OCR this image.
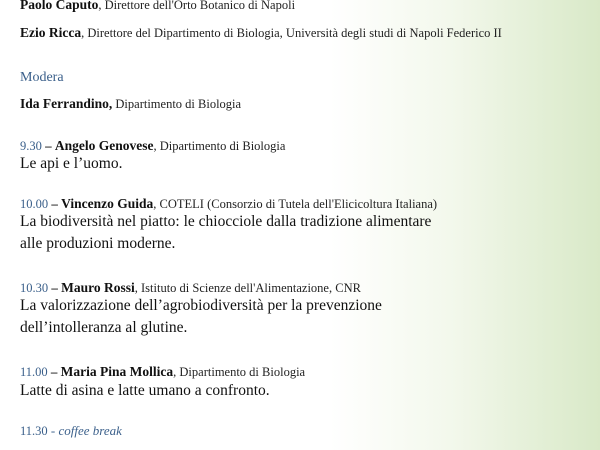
Paolo Caputo, Direttore dell'Orto Botanico di Napoli
Ezio Ricca, Direttore del Dipartimento di Biologia, Università degli studi di Napoli Federico II
Modera
Ida Ferrandino, Dipartimento di Biologia
9.30 – Angelo Genovese, Dipartimento di Biologia
Le api e l’uomo.
10.00 – Vincenzo Guida, COTELI (Consorzio di Tutela dell'Elicicoltura Italiana)
La biodiversità nel piatto: le chiocciole dalla tradizione alimentare
alle produzioni moderne.
10.30 – Mauro Rossi, Istituto di Scienze dell'Alimentazione, CNR
La valorizzazione dell’agrobiodiversità per la prevenzione
dell’intolleranza al glutine.
11.00 – Maria Pina Mollica, Dipartimento di Biologia
Latte di asina e latte umano a confronto.
11.30 - coffee break
